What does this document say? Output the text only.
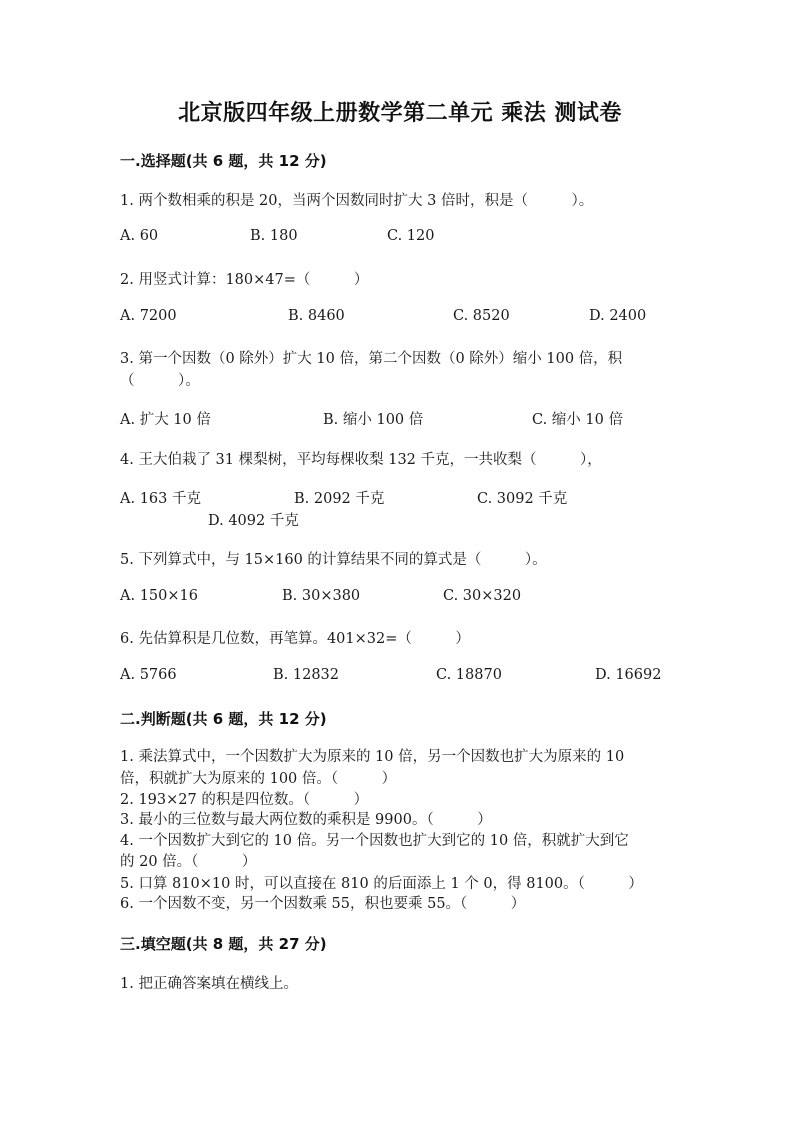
北京版四年级上册数学第二单元 乘法 测试卷
一.选择题(共 6 题，共 12 分)
1. 两个数相乘的积是 20，当两个因数同时扩大 3 倍时，积是（　　　）。
A. 60	B. 180	C. 120
2. 用竖式计算：180×47=（　　　）
A. 7200	B. 8460	C. 8520	D. 2400
3. 第一个因数（0 除外）扩大 10 倍，第二个因数（0 除外）缩小 100 倍，积
（　　　）。
A. 扩大 10 倍	B. 缩小 100 倍	C. 缩小 10 倍
4. 王大伯栽了 31 棵梨树，平均每棵收梨 132 千克，一共收梨（　　　），
A. 163 千克	B. 2092 千克	C. 3092 千克
D. 4092 千克
5. 下列算式中，与 15×160 的计算结果不同的算式是（　　　）。
A. 150×16	B. 30×380	C. 30×320
6. 先估算积是几位数，再笔算。401×32=（　　　）
A. 5766	B. 12832	C. 18870	D. 16692
二.判断题(共 6 题，共 12 分)
1. 乘法算式中，一个因数扩大为原来的 10 倍，另一个因数也扩大为原来的 10
倍，积就扩大为原来的 100 倍。（　　　）
2. 193×27 的积是四位数。（　　　）
3. 最小的三位数与最大两位数的乘积是 9900。（　　　）
4. 一个因数扩大到它的 10 倍。另一个因数也扩大到它的 10 倍，积就扩大到它
的 20 倍。（　　　）
5. 口算 810×10 时，可以直接在 810 的后面添上 1 个 0，得 8100。（　　　）
6. 一个因数不变，另一个因数乘 55，积也要乘 55。（　　　）
三.填空题(共 8 题，共 27 分)
1. 把正确答案填在横线上。
